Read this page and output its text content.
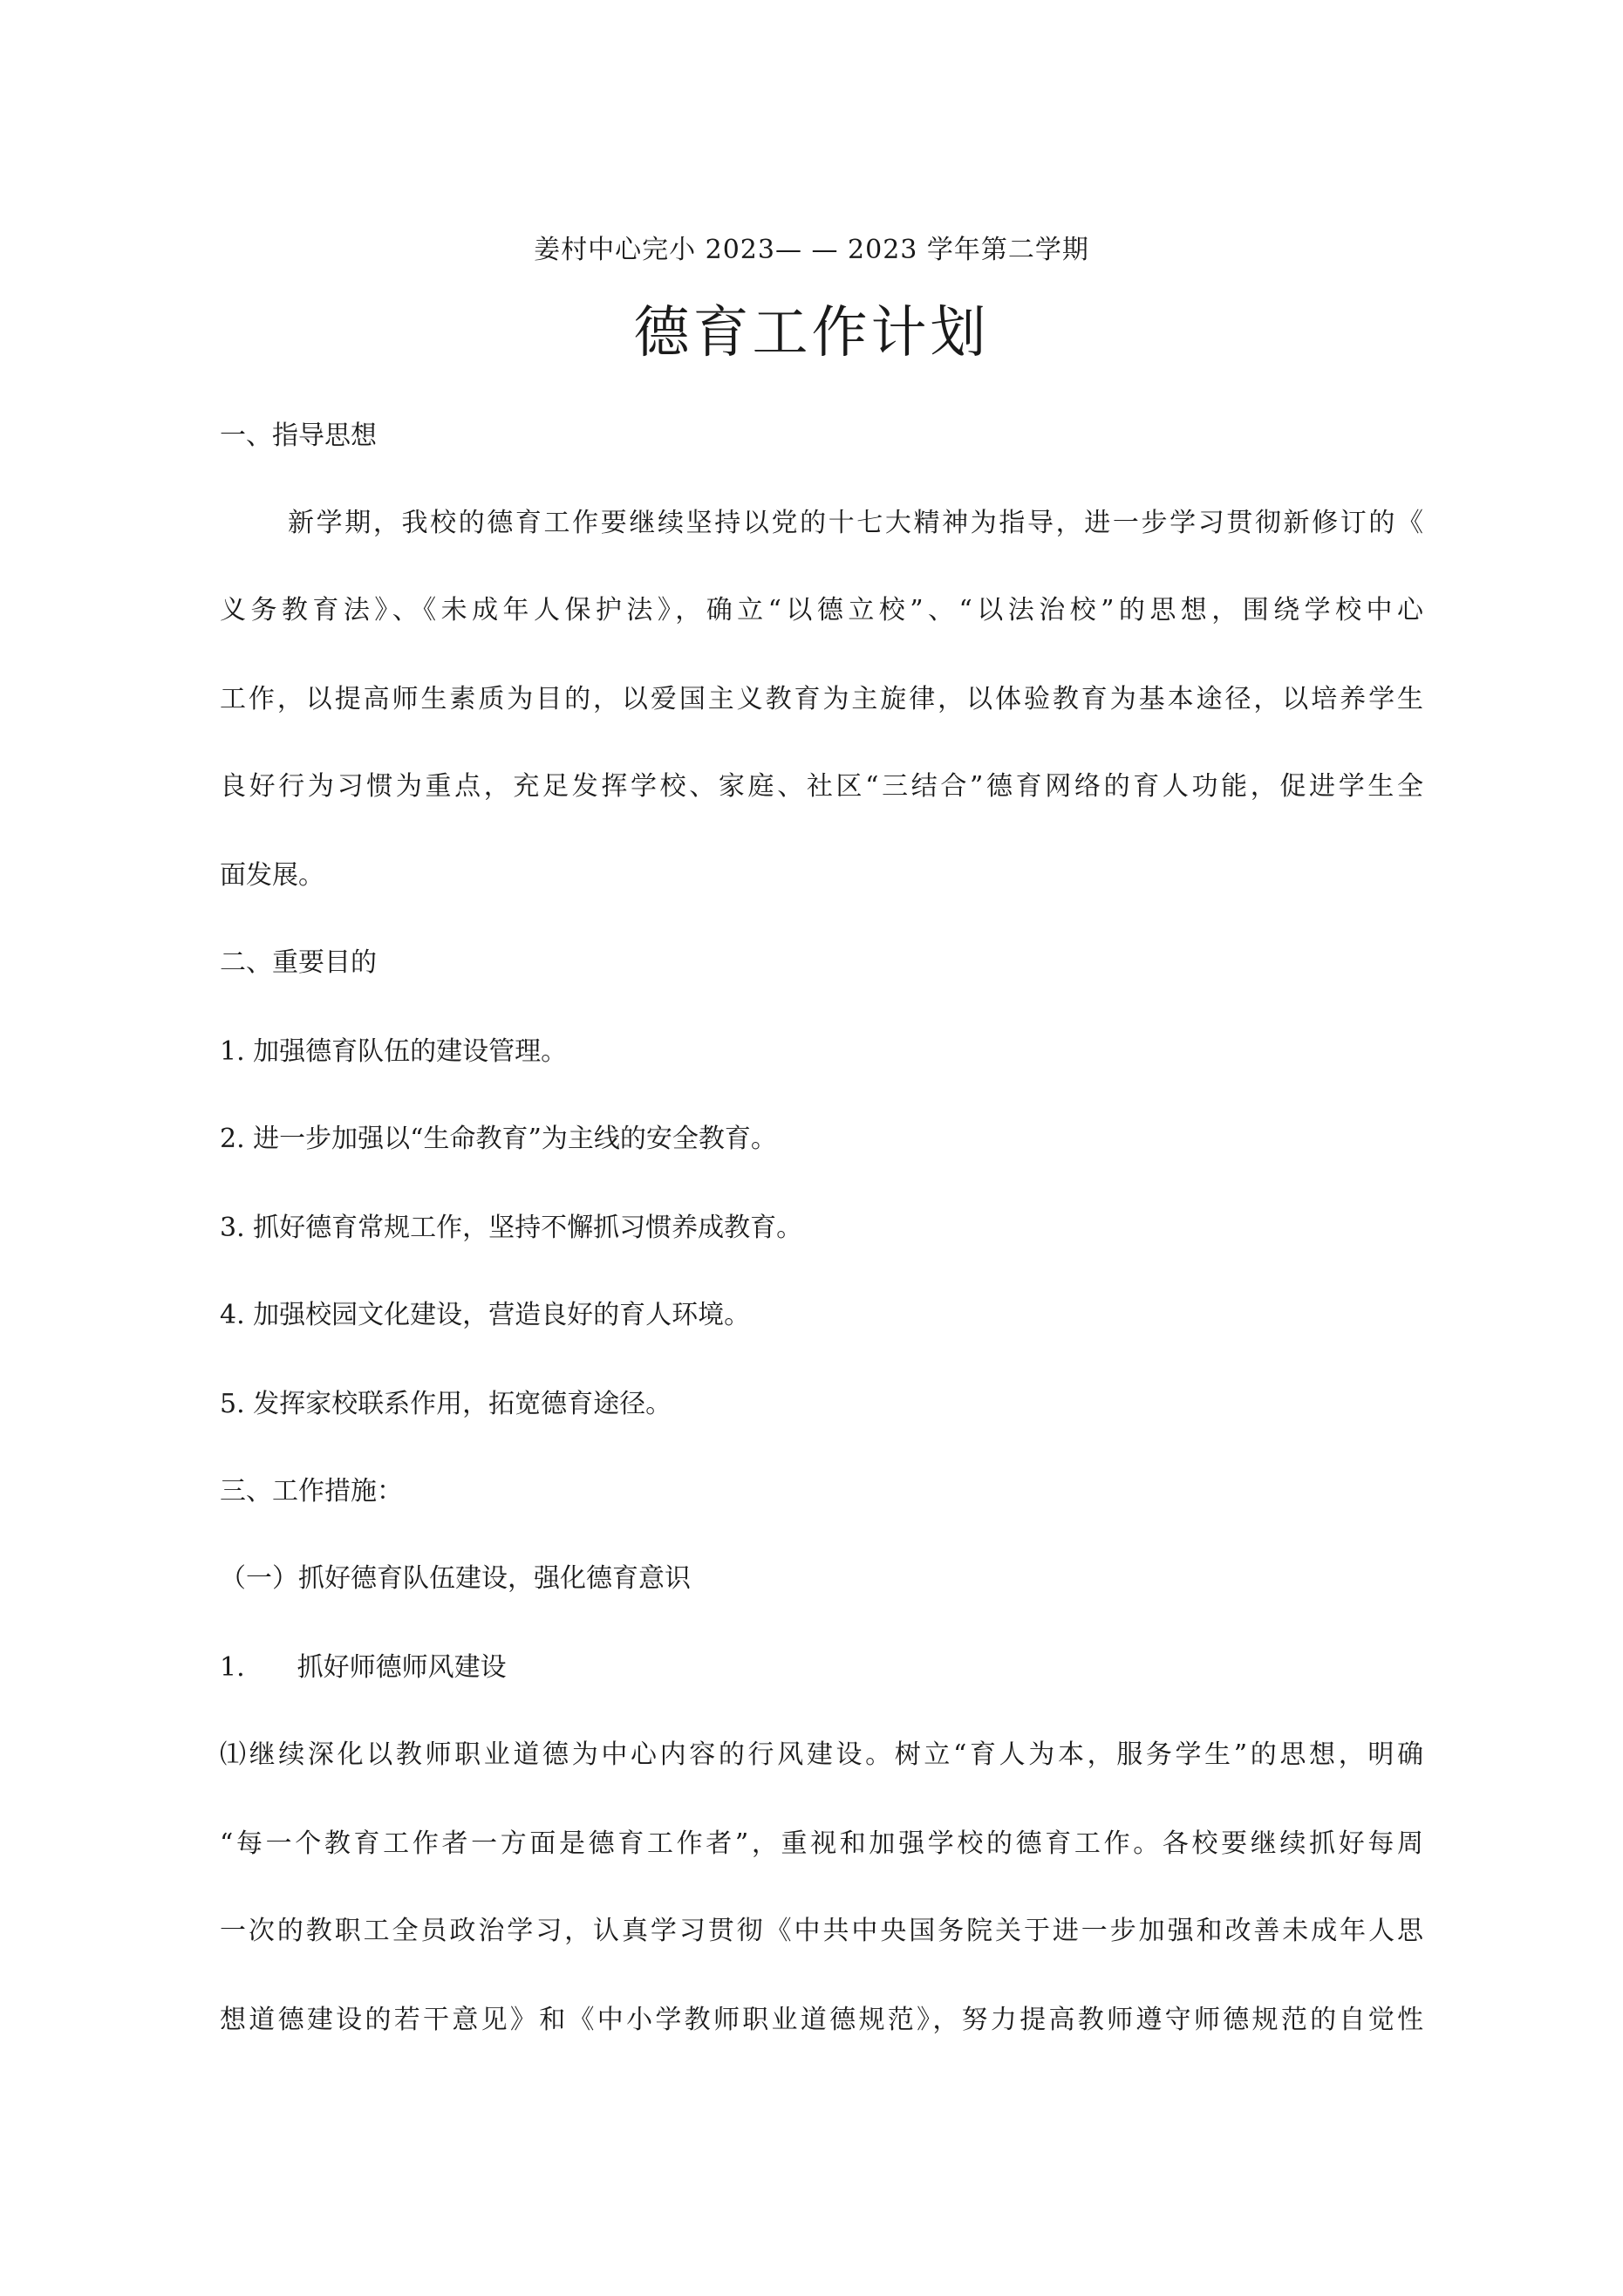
姜村中心完小 2023— — 2023 学年第二学期
德育工作计划
一、指导思想
新学期，我校的德育工作要继续坚持以党的十七大精神为指导，进一步学习贯彻新修订的《
义务教育法》、《未成年人保护法》，确立“以德立校”、“以法治校”的思想，围绕学校中心
工作，以提高师生素质为目的，以爱国主义教育为主旋律，以体验教育为基本途径，以培养学生
良好行为习惯为重点，充足发挥学校、家庭、社区“三结合”德育网络的育人功能，促进学生全
面发展。
二、重要目的
1. 加强德育队伍的建设管理。
2. 进一步加强以“生命教育”为主线的安全教育。
3. 抓好德育常规工作，坚持不懈抓习惯养成教育。
4. 加强校园文化建设，营造良好的育人环境。
5. 发挥家校联系作用，拓宽德育途径。
三、工作措施：
（一）抓好德育队伍建设，强化德育意识
1.　　抓好师德师风建设
⑴继续深化以教师职业道德为中心内容的行风建设。树立“育人为本，服务学生”的思想，明确
“每一个教育工作者一方面是德育工作者”，重视和加强学校的德育工作。各校要继续抓好每周
一次的教职工全员政治学习，认真学习贯彻《中共中央国务院关于进一步加强和改善未成年人思
想道德建设的若干意见》和《中小学教师职业道德规范》，努力提高教师遵守师德规范的自觉性
